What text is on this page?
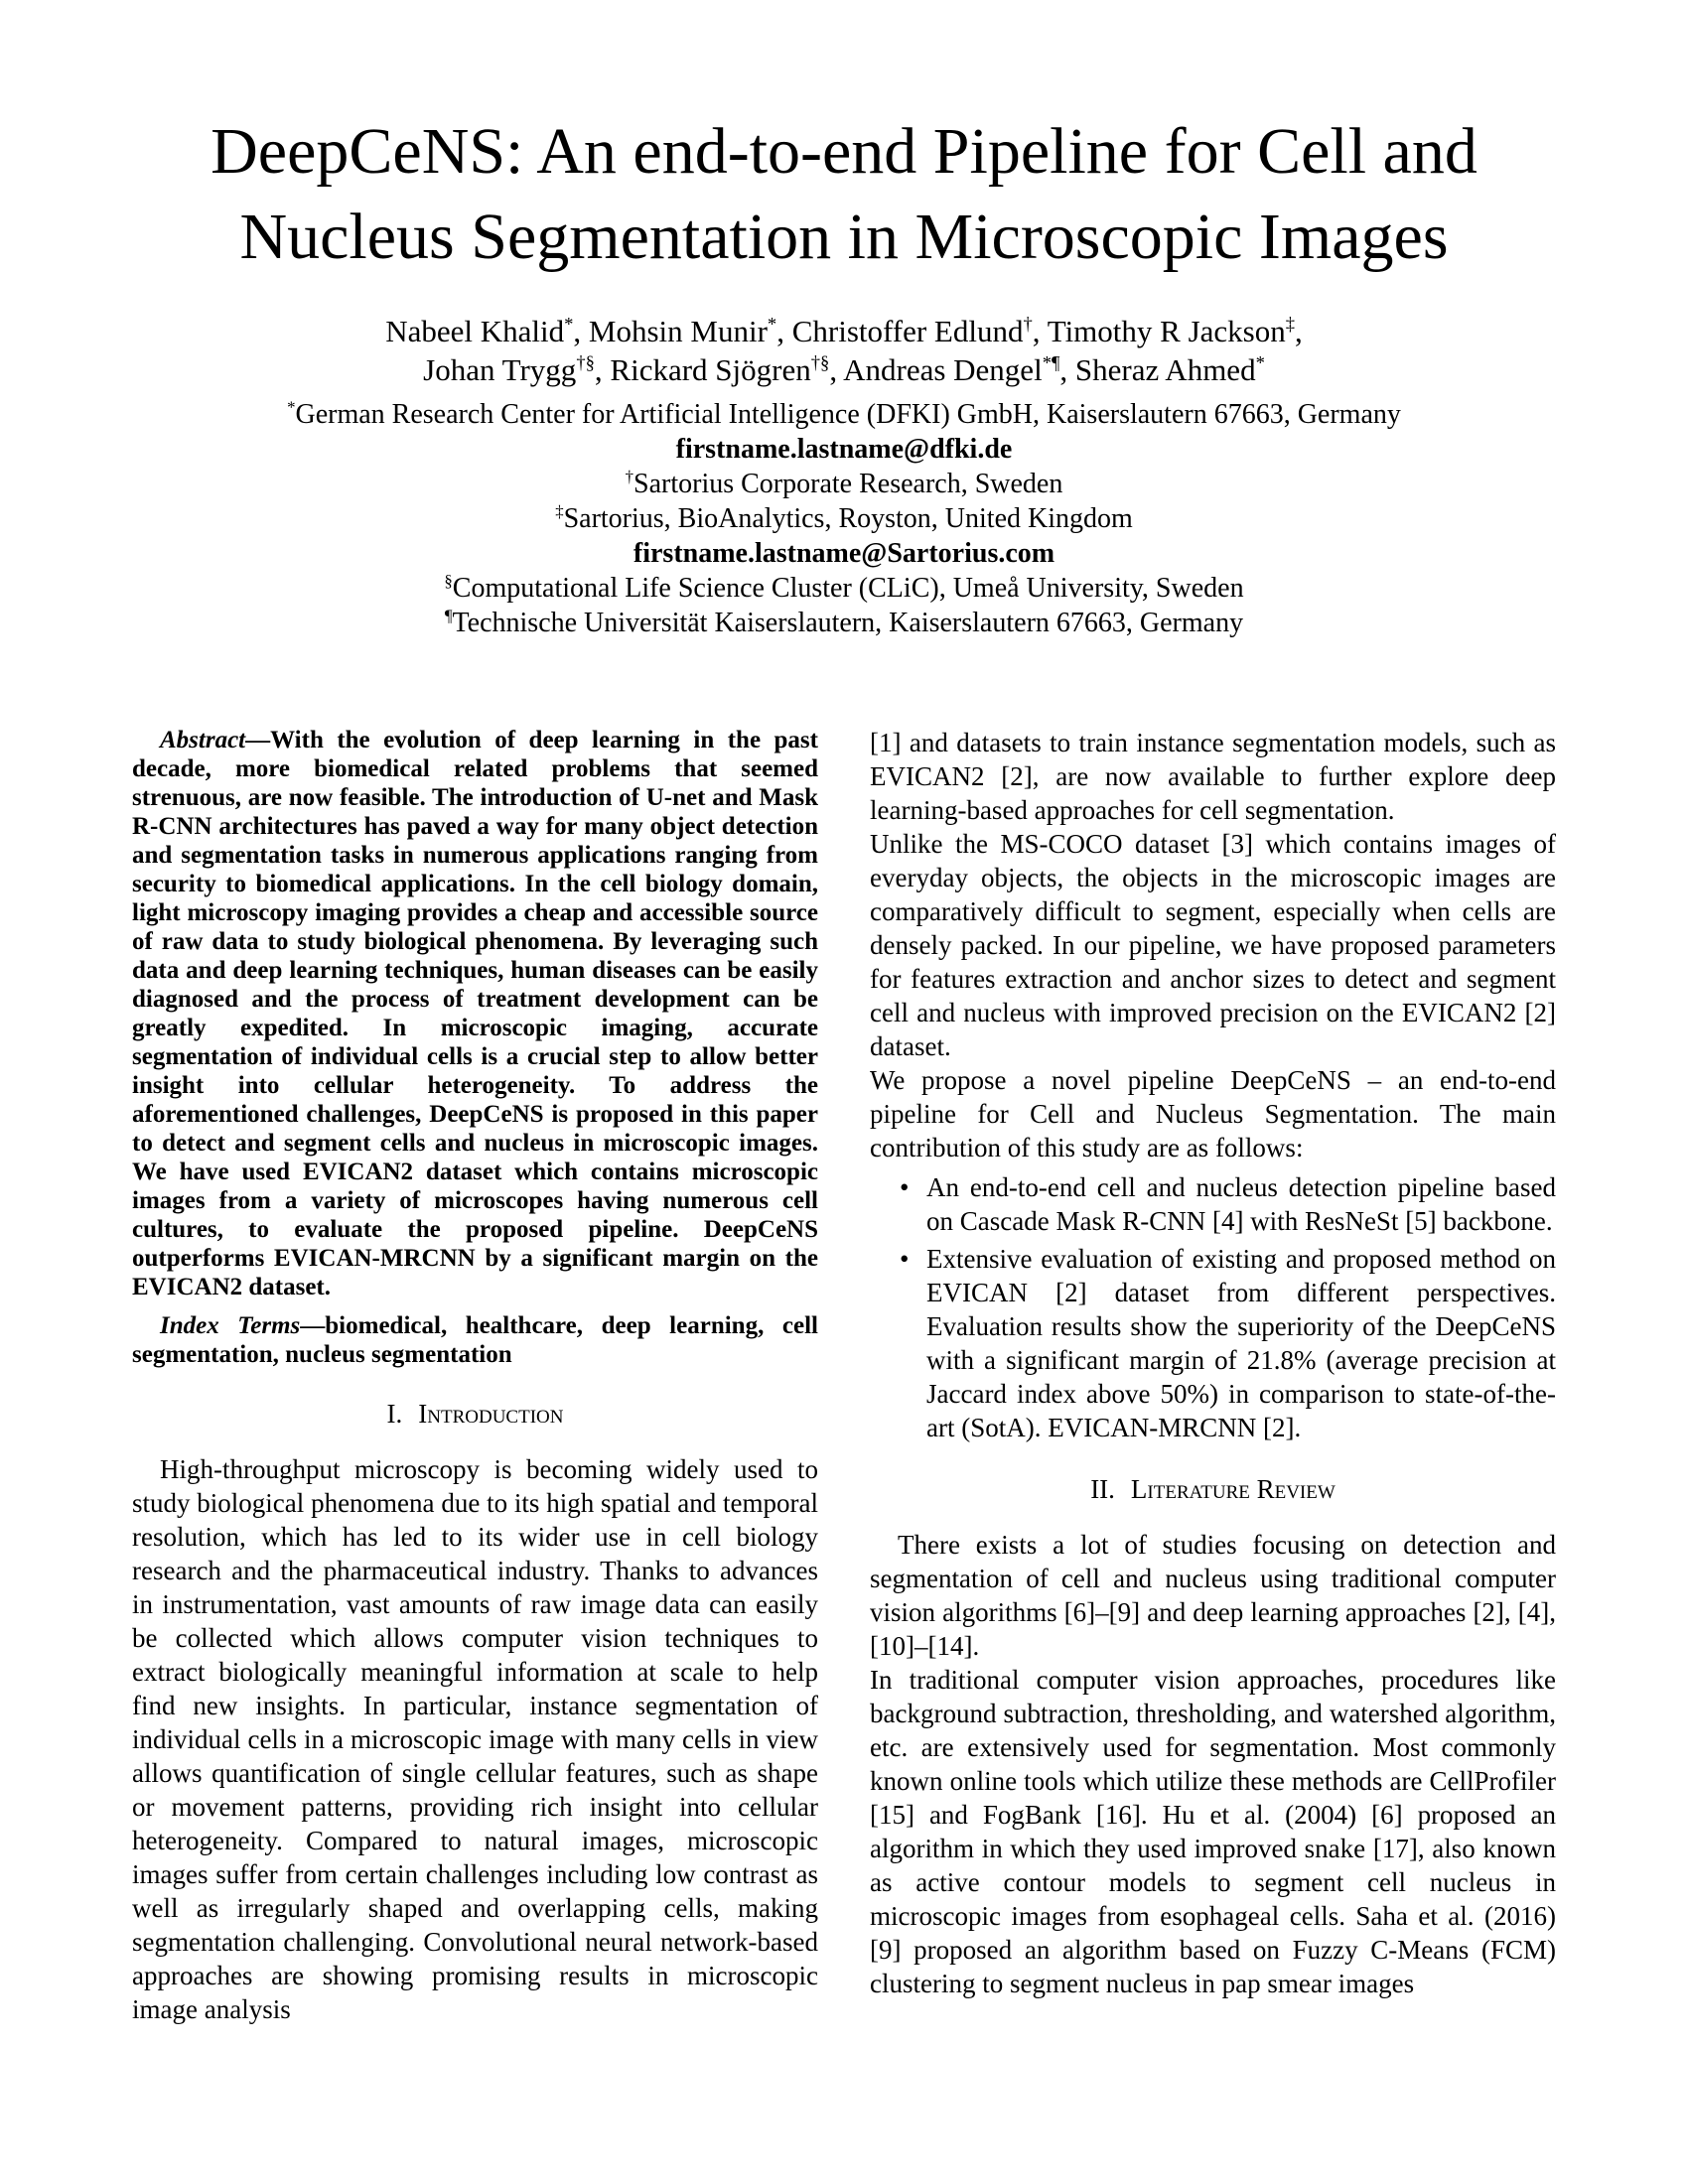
DeepCeNS: An end-to-end Pipeline for Cell and
Nucleus Segmentation in Microscopic Images
Nabeel Khalid*, Mohsin Munir*, Christoffer Edlund†, Timothy R Jackson‡,
Johan Trygg†§, Rickard Sjögren†§, Andreas Dengel*¶, Sheraz Ahmed*
*German Research Center for Artificial Intelligence (DFKI) GmbH, Kaiserslautern 67663, Germany
firstname.lastname@dfki.de
†Sartorius Corporate Research, Sweden
‡Sartorius, BioAnalytics, Royston, United Kingdom
firstname.lastname@Sartorius.com
§Computational Life Science Cluster (CLiC), Umeå University, Sweden
¶Technische Universität Kaiserslautern, Kaiserslautern 67663, Germany

Abstract—With the evolution of deep learning in the past decade, more biomedical related problems that seemed strenuous, are now feasible. The introduction of U-net and Mask R-CNN architectures has paved a way for many object detection and segmentation tasks in numerous applications ranging from security to biomedical applications. In the cell biology domain, light microscopy imaging provides a cheap and accessible source of raw data to study biological phenomena. By leveraging such data and deep learning techniques, human diseases can be easily diagnosed and the process of treatment development can be greatly expedited. In microscopic imaging, accurate segmentation of individual cells is a crucial step to allow better insight into cellular heterogeneity. To address the aforementioned challenges, DeepCeNS is proposed in this paper to detect and segment cells and nucleus in microscopic images. We have used EVICAN2 dataset which contains microscopic images from a variety of microscopes having numerous cell cultures, to evaluate the proposed pipeline. DeepCeNS outperforms EVICAN-MRCNN by a significant margin on the EVICAN2 dataset.

Index Terms—biomedical, healthcare, deep learning, cell segmentation, nucleus segmentation

I. Introduction

High-throughput microscopy is becoming widely used to study biological phenomena due to its high spatial and temporal resolution, which has led to its wider use in cell biology research and the pharmaceutical industry. Thanks to advances in instrumentation, vast amounts of raw image data can easily be collected which allows computer vision techniques to extract biologically meaningful information at scale to help find new insights. In particular, instance segmentation of individual cells in a microscopic image with many cells in view allows quantification of single cellular features, such as shape or movement patterns, providing rich insight into cellular heterogeneity. Compared to natural images, microscopic images suffer from certain challenges including low contrast as well as irregularly shaped and overlapping cells, making segmentation challenging. Convolutional neural network-based approaches are showing promising results in microscopic image analysis

[1] and datasets to train instance segmentation models, such as EVICAN2 [2], are now available to further explore deep learning-based approaches for cell segmentation.

Unlike the MS-COCO dataset [3] which contains images of everyday objects, the objects in the microscopic images are comparatively difficult to segment, especially when cells are densely packed. In our pipeline, we have proposed parameters for features extraction and anchor sizes to detect and segment cell and nucleus with improved precision on the EVICAN2 [2] dataset.

We propose a novel pipeline DeepCeNS – an end-to-end pipeline for Cell and Nucleus Segmentation. The main contribution of this study are as follows:

• An end-to-end cell and nucleus detection pipeline based on Cascade Mask R-CNN [4] with ResNeSt [5] backbone.
• Extensive evaluation of existing and proposed method on EVICAN [2] dataset from different perspectives. Evaluation results show the superiority of the DeepCeNS with a significant margin of 21.8% (average precision at Jaccard index above 50%) in comparison to state-of-the-art (SotA). EVICAN-MRCNN [2].
II. Literature Review

There exists a lot of studies focusing on detection and segmentation of cell and nucleus using traditional computer vision algorithms [6]–[9] and deep learning approaches [2], [4], [10]–[14].

In traditional computer vision approaches, procedures like background subtraction, thresholding, and watershed algorithm, etc. are extensively used for segmentation. Most commonly known online tools which utilize these methods are CellProfiler [15] and FogBank [16]. Hu et al. (2004) [6] proposed an algorithm in which they used improved snake [17], also known as active contour models to segment cell nucleus in microscopic images from esophageal cells. Saha et al. (2016) [9] proposed an algorithm based on Fuzzy C-Means (FCM) clustering to segment nucleus in pap smear images
